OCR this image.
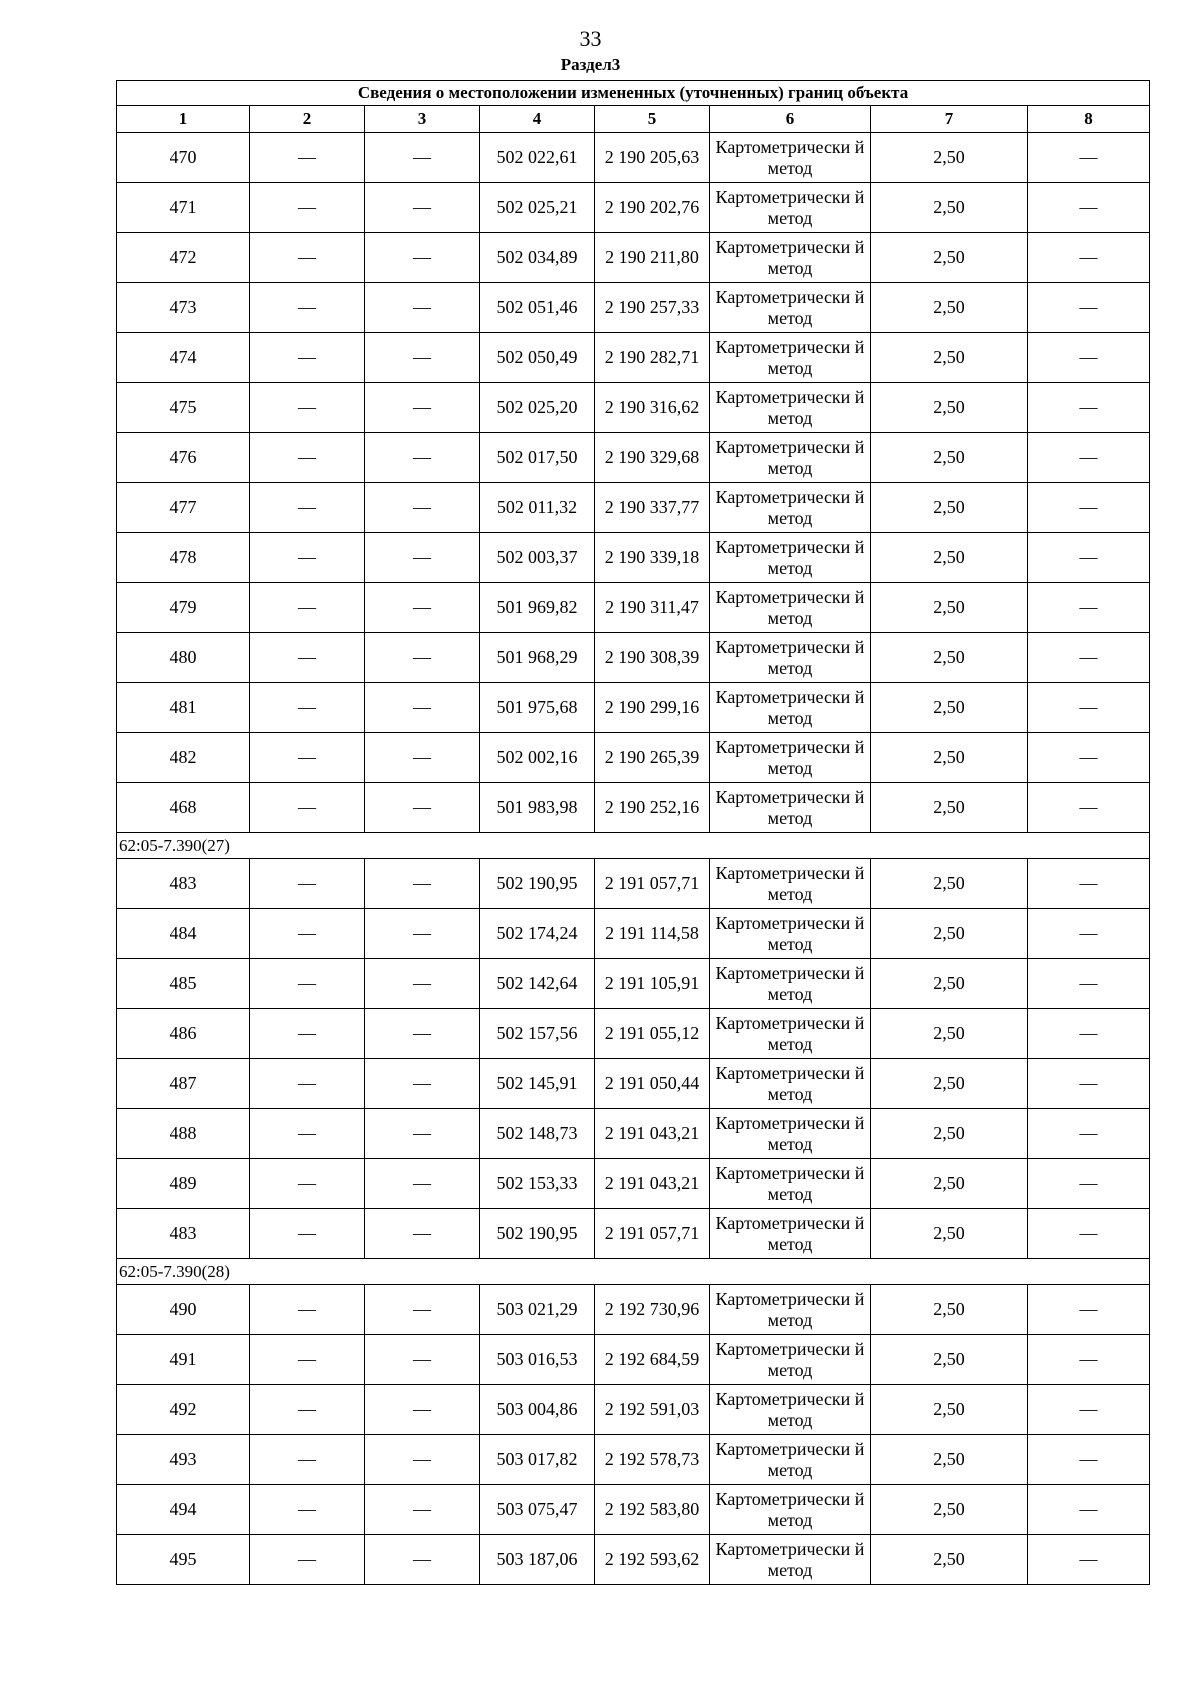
33
Раздел3
Сведения о местоположении измененных (уточненных) границ объекта							
1	2	3	4	5	6	7	8
470	—	—	502 022,61	2 190 205,63	Картометрически й метод	2,50	—
471	—	—	502 025,21	2 190 202,76	Картометрически й метод	2,50	—
472	—	—	502 034,89	2 190 211,80	Картометрически й метод	2,50	—
473	—	—	502 051,46	2 190 257,33	Картометрически й метод	2,50	—
474	—	—	502 050,49	2 190 282,71	Картометрически й метод	2,50	—
475	—	—	502 025,20	2 190 316,62	Картометрически й метод	2,50	—
476	—	—	502 017,50	2 190 329,68	Картометрически й метод	2,50	—
477	—	—	502 011,32	2 190 337,77	Картометрически й метод	2,50	—
478	—	—	502 003,37	2 190 339,18	Картометрически й метод	2,50	—
479	—	—	501 969,82	2 190 311,47	Картометрически й метод	2,50	—
480	—	—	501 968,29	2 190 308,39	Картометрически й метод	2,50	—
481	—	—	501 975,68	2 190 299,16	Картометрически й метод	2,50	—
482	—	—	502 002,16	2 190 265,39	Картометрически й метод	2,50	—
468	—	—	501 983,98	2 190 252,16	Картометрически й метод	2,50	—
62:05-7.390(27)							
483	—	—	502 190,95	2 191 057,71	Картометрически й метод	2,50	—
484	—	—	502 174,24	2 191 114,58	Картометрически й метод	2,50	—
485	—	—	502 142,64	2 191 105,91	Картометрически й метод	2,50	—
486	—	—	502 157,56	2 191 055,12	Картометрически й метод	2,50	—
487	—	—	502 145,91	2 191 050,44	Картометрически й метод	2,50	—
488	—	—	502 148,73	2 191 043,21	Картометрически й метод	2,50	—
489	—	—	502 153,33	2 191 043,21	Картометрически й метод	2,50	—
483	—	—	502 190,95	2 191 057,71	Картометрически й метод	2,50	—
62:05-7.390(28)							
490	—	—	503 021,29	2 192 730,96	Картометрически й метод	2,50	—
491	—	—	503 016,53	2 192 684,59	Картометрически й метод	2,50	—
492	—	—	503 004,86	2 192 591,03	Картометрически й метод	2,50	—
493	—	—	503 017,82	2 192 578,73	Картометрически й метод	2,50	—
494	—	—	503 075,47	2 192 583,80	Картометрически й метод	2,50	—
495	—	—	503 187,06	2 192 593,62	Картометрически й метод	2,50	—
